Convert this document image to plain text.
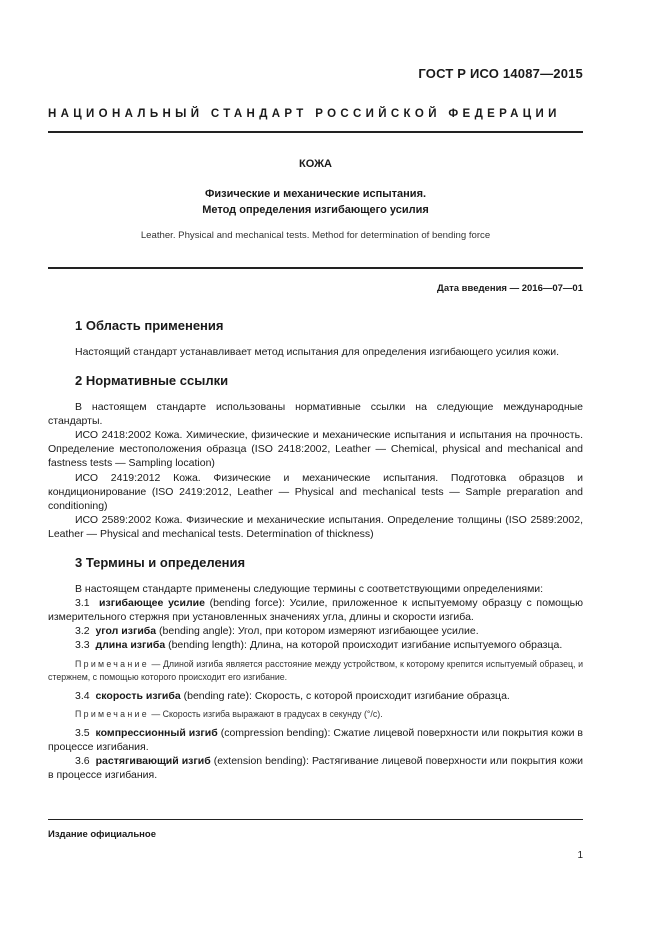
ГОСТ Р ИСО 14087—2015
НАЦИОНАЛЬНЫЙ СТАНДАРТ РОССИЙСКОЙ ФЕДЕРАЦИИ
КОЖА
Физические и механические испытания.
Метод определения изгибающего усилия
Leather. Physical and mechanical tests. Method for determination of bending force
Дата введения — 2016—07—01
1 Область применения

Настоящий стандарт устанавливает метод испытания для определения изгибающего усилия кожи.

2 Нормативные ссылки

В настоящем стандарте использованы нормативные ссылки на следующие международные стандарты.

ИСО 2418:2002 Кожа. Химические, физические и механические испытания и испытания на прочность. Определение местоположения образца (ISO 2418:2002, Leather — Chemical, physical and mechanical and fastness tests — Sampling location)

ИСО 2419:2012 Кожа. Физические и механические испытания. Подготовка образцов и кондиционирование (ISO 2419:2012, Leather — Physical and mechanical tests — Sample preparation and conditioning)

ИСО 2589:2002 Кожа. Физические и механические испытания. Определение толщины (ISO 2589:2002, Leather — Physical and mechanical tests. Determination of thickness)

3 Термины и определения

В настоящем стандарте применены следующие термины с соответствующими определениями:

3.1 изгибающее усилие (bending force): Усилие, приложенное к испытуемому образцу с помощью измерительного стержня при установленных значениях угла, длины и скорости изгиба.

3.2 угол изгиба (bending angle): Угол, при котором измеряют изгибающее усилие.

3.3 длина изгиба (bending length): Длина, на которой происходит изгибание испытуемого образца.

Примечание — Длиной изгиба является расстояние между устройством, к которому крепится испытуемый образец, и стержнем, с помощью которого происходит его изгибание.

3.4 скорость изгиба (bending rate): Скорость, с которой происходит изгибание образца.

Примечание — Скорость изгиба выражают в градусах в секунду (°/с).

3.5 компрессионный изгиб (compression bending): Сжатие лицевой поверхности или покрытия кожи в процессе изгибания.

3.6 растягивающий изгиб (extension bending): Растягивание лицевой поверхности или покрытия кожи в процессе изгибания.

Издание официальное
1
